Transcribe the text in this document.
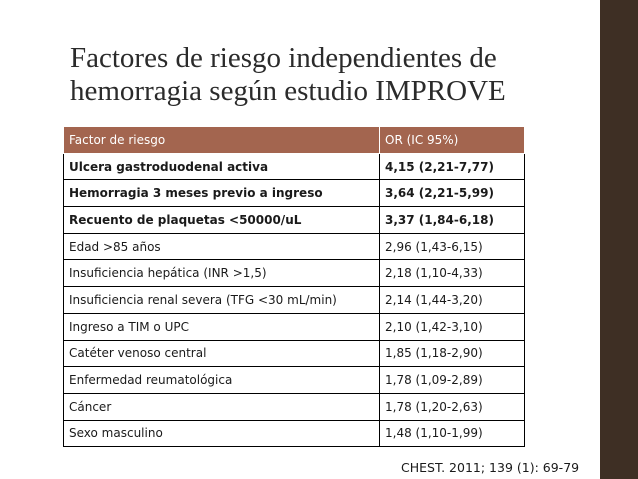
Factores de riesgo independientes de
hemorragia según estudio IMPROVE
Factor de riesgo	OR (IC 95%)
Ulcera gastroduodenal activa	4,15 (2,21-7,77)
Hemorragia 3 meses previo a ingreso	3,64 (2,21-5,99)
Recuento de plaquetas <50000/uL	3,37 (1,84-6,18)
Edad >85 años	2,96 (1,43-6,15)
Insuficiencia hepática (INR >1,5)	2,18 (1,10-4,33)
Insuficiencia renal severa (TFG <30 mL/min)	2,14 (1,44-3,20)
Ingreso a TIM o UPC	2,10 (1,42-3,10)
Catéter venoso central	1,85 (1,18-2,90)
Enfermedad reumatológica	1,78 (1,09-2,89)
Cáncer	1,78 (1,20-2,63)
Sexo masculino	1,48 (1,10-1,99)
CHEST. 2011; 139 (1): 69-79
